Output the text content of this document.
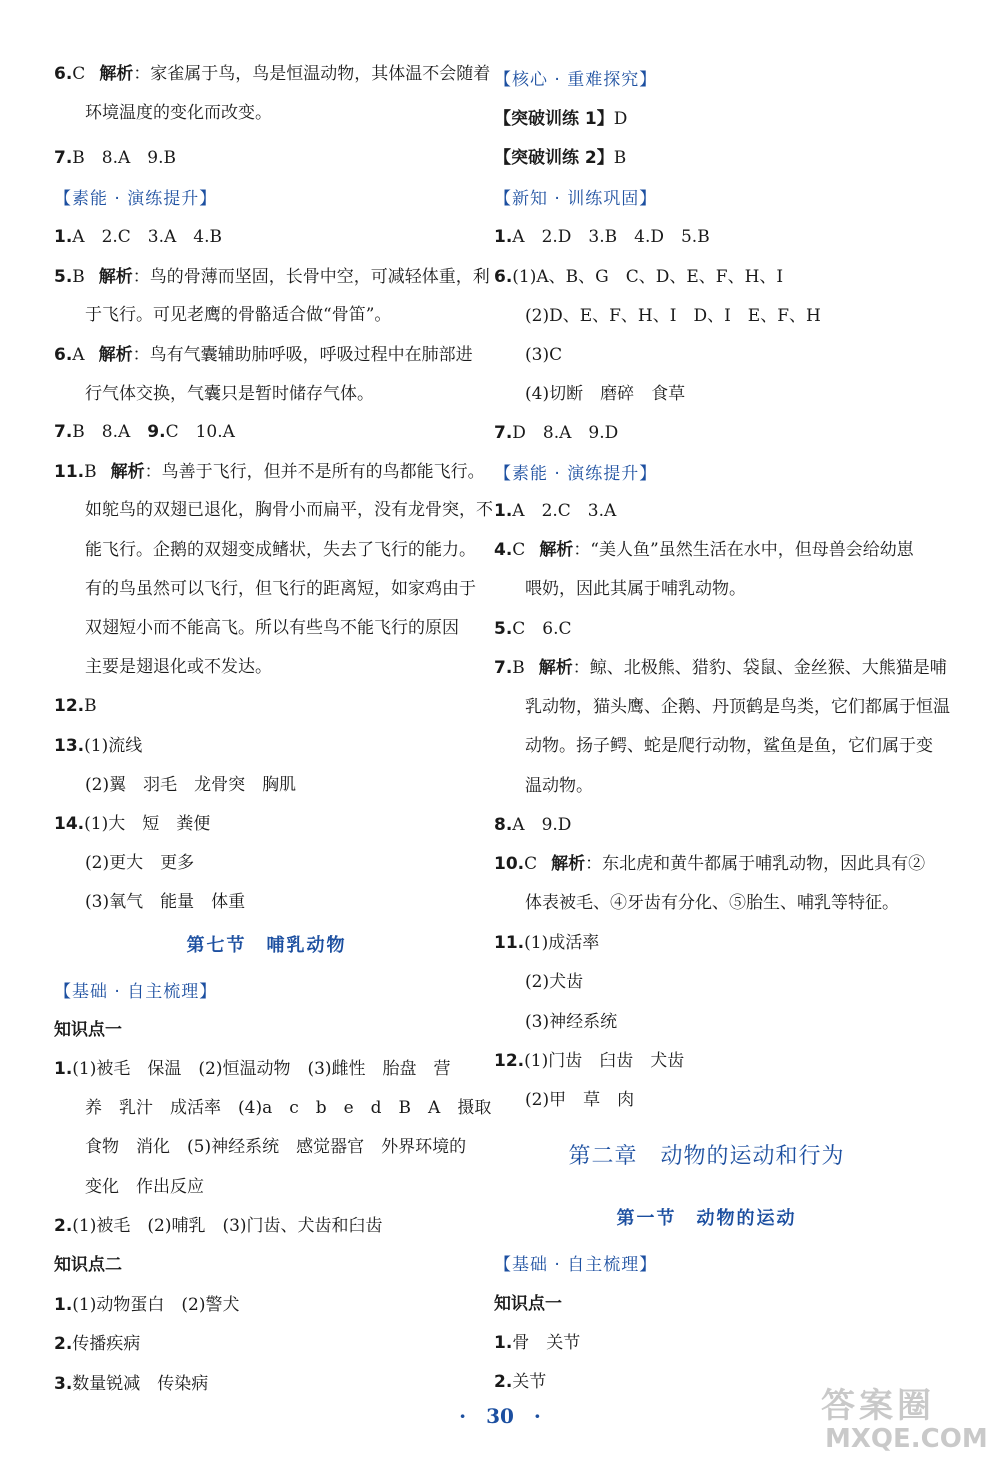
6.C 解析：家雀属于鸟，鸟是恒温动物，其体温不会随着
环境温度的变化而改变。
7.B　8.A　9.B
【素能 · 演练提升】
1.A　2.C　3.A　4.B
5.B 解析：鸟的骨薄而坚固，长骨中空，可减轻体重，利
于飞行。可见老鹰的骨骼适合做“骨笛”。
6.A 解析：鸟有气囊辅助肺呼吸，呼吸过程中在肺部进
行气体交换，气囊只是暂时储存气体。
7.B　8.A　9.C　10.A
11.B 解析：鸟善于飞行，但并不是所有的鸟都能飞行。
如鸵鸟的双翅已退化，胸骨小而扁平，没有龙骨突，不
能飞行。企鹅的双翅变成鳍状，失去了飞行的能力。
有的鸟虽然可以飞行，但飞行的距离短，如家鸡由于
双翅短小而不能高飞。所以有些鸟不能飞行的原因
主要是翅退化或不发达。
12.B
13.(1)流线
(2)翼　羽毛　龙骨突　胸肌
14.(1)大　短　粪便
(2)更大　更多
(3)氧气　能量　体重
第七节　哺乳动物
【基础 · 自主梳理】
知识点一
1.(1)被毛　保温　(2)恒温动物　(3)雌性　胎盘　营
养　乳汁　成活率　(4)a　c　b　e　d　B　A　摄取
食物　消化　(5)神经系统　感觉器官　外界环境的
变化　作出反应
2.(1)被毛　(2)哺乳　(3)门齿、犬齿和臼齿
知识点二
1.(1)动物蛋白　(2)警犬
2.传播疾病
3.数量锐减　传染病
【核心 · 重难探究】
【突破训练 1】D
【突破训练 2】B
【新知 · 训练巩固】
1.A　2.D　3.B　4.D　5.B
6.(1)A、B、G　C、D、E、F、H、I
(2)D、E、F、H、I　D、I　E、F、H
(3)C
(4)切断　磨碎　食草
7.D　8.A　9.D
【素能 · 演练提升】
1.A　2.C　3.A
4.C 解析：“美人鱼”虽然生活在水中，但母兽会给幼崽
喂奶，因此其属于哺乳动物。
5.C　6.C
7.B 解析：鲸、北极熊、猎豹、袋鼠、金丝猴、大熊猫是哺
乳动物，猫头鹰、企鹅、丹顶鹤是鸟类，它们都属于恒温
动物。扬子鳄、蛇是爬行动物，鲨鱼是鱼，它们属于变
温动物。
8.A　9.D
10.C 解析：东北虎和黄牛都属于哺乳动物，因此具有②
体表被毛、④牙齿有分化、⑤胎生、哺乳等特征。
11.(1)成活率
(2)犬齿
(3)神经系统
12.(1)门齿　臼齿　犬齿
(2)甲　草　肉
第二章　动物的运动和行为
第一节　动物的运动
【基础 · 自主梳理】
知识点一
1.骨　关节
2.关节
· 30 ·	答案圈
MXQE.COM
